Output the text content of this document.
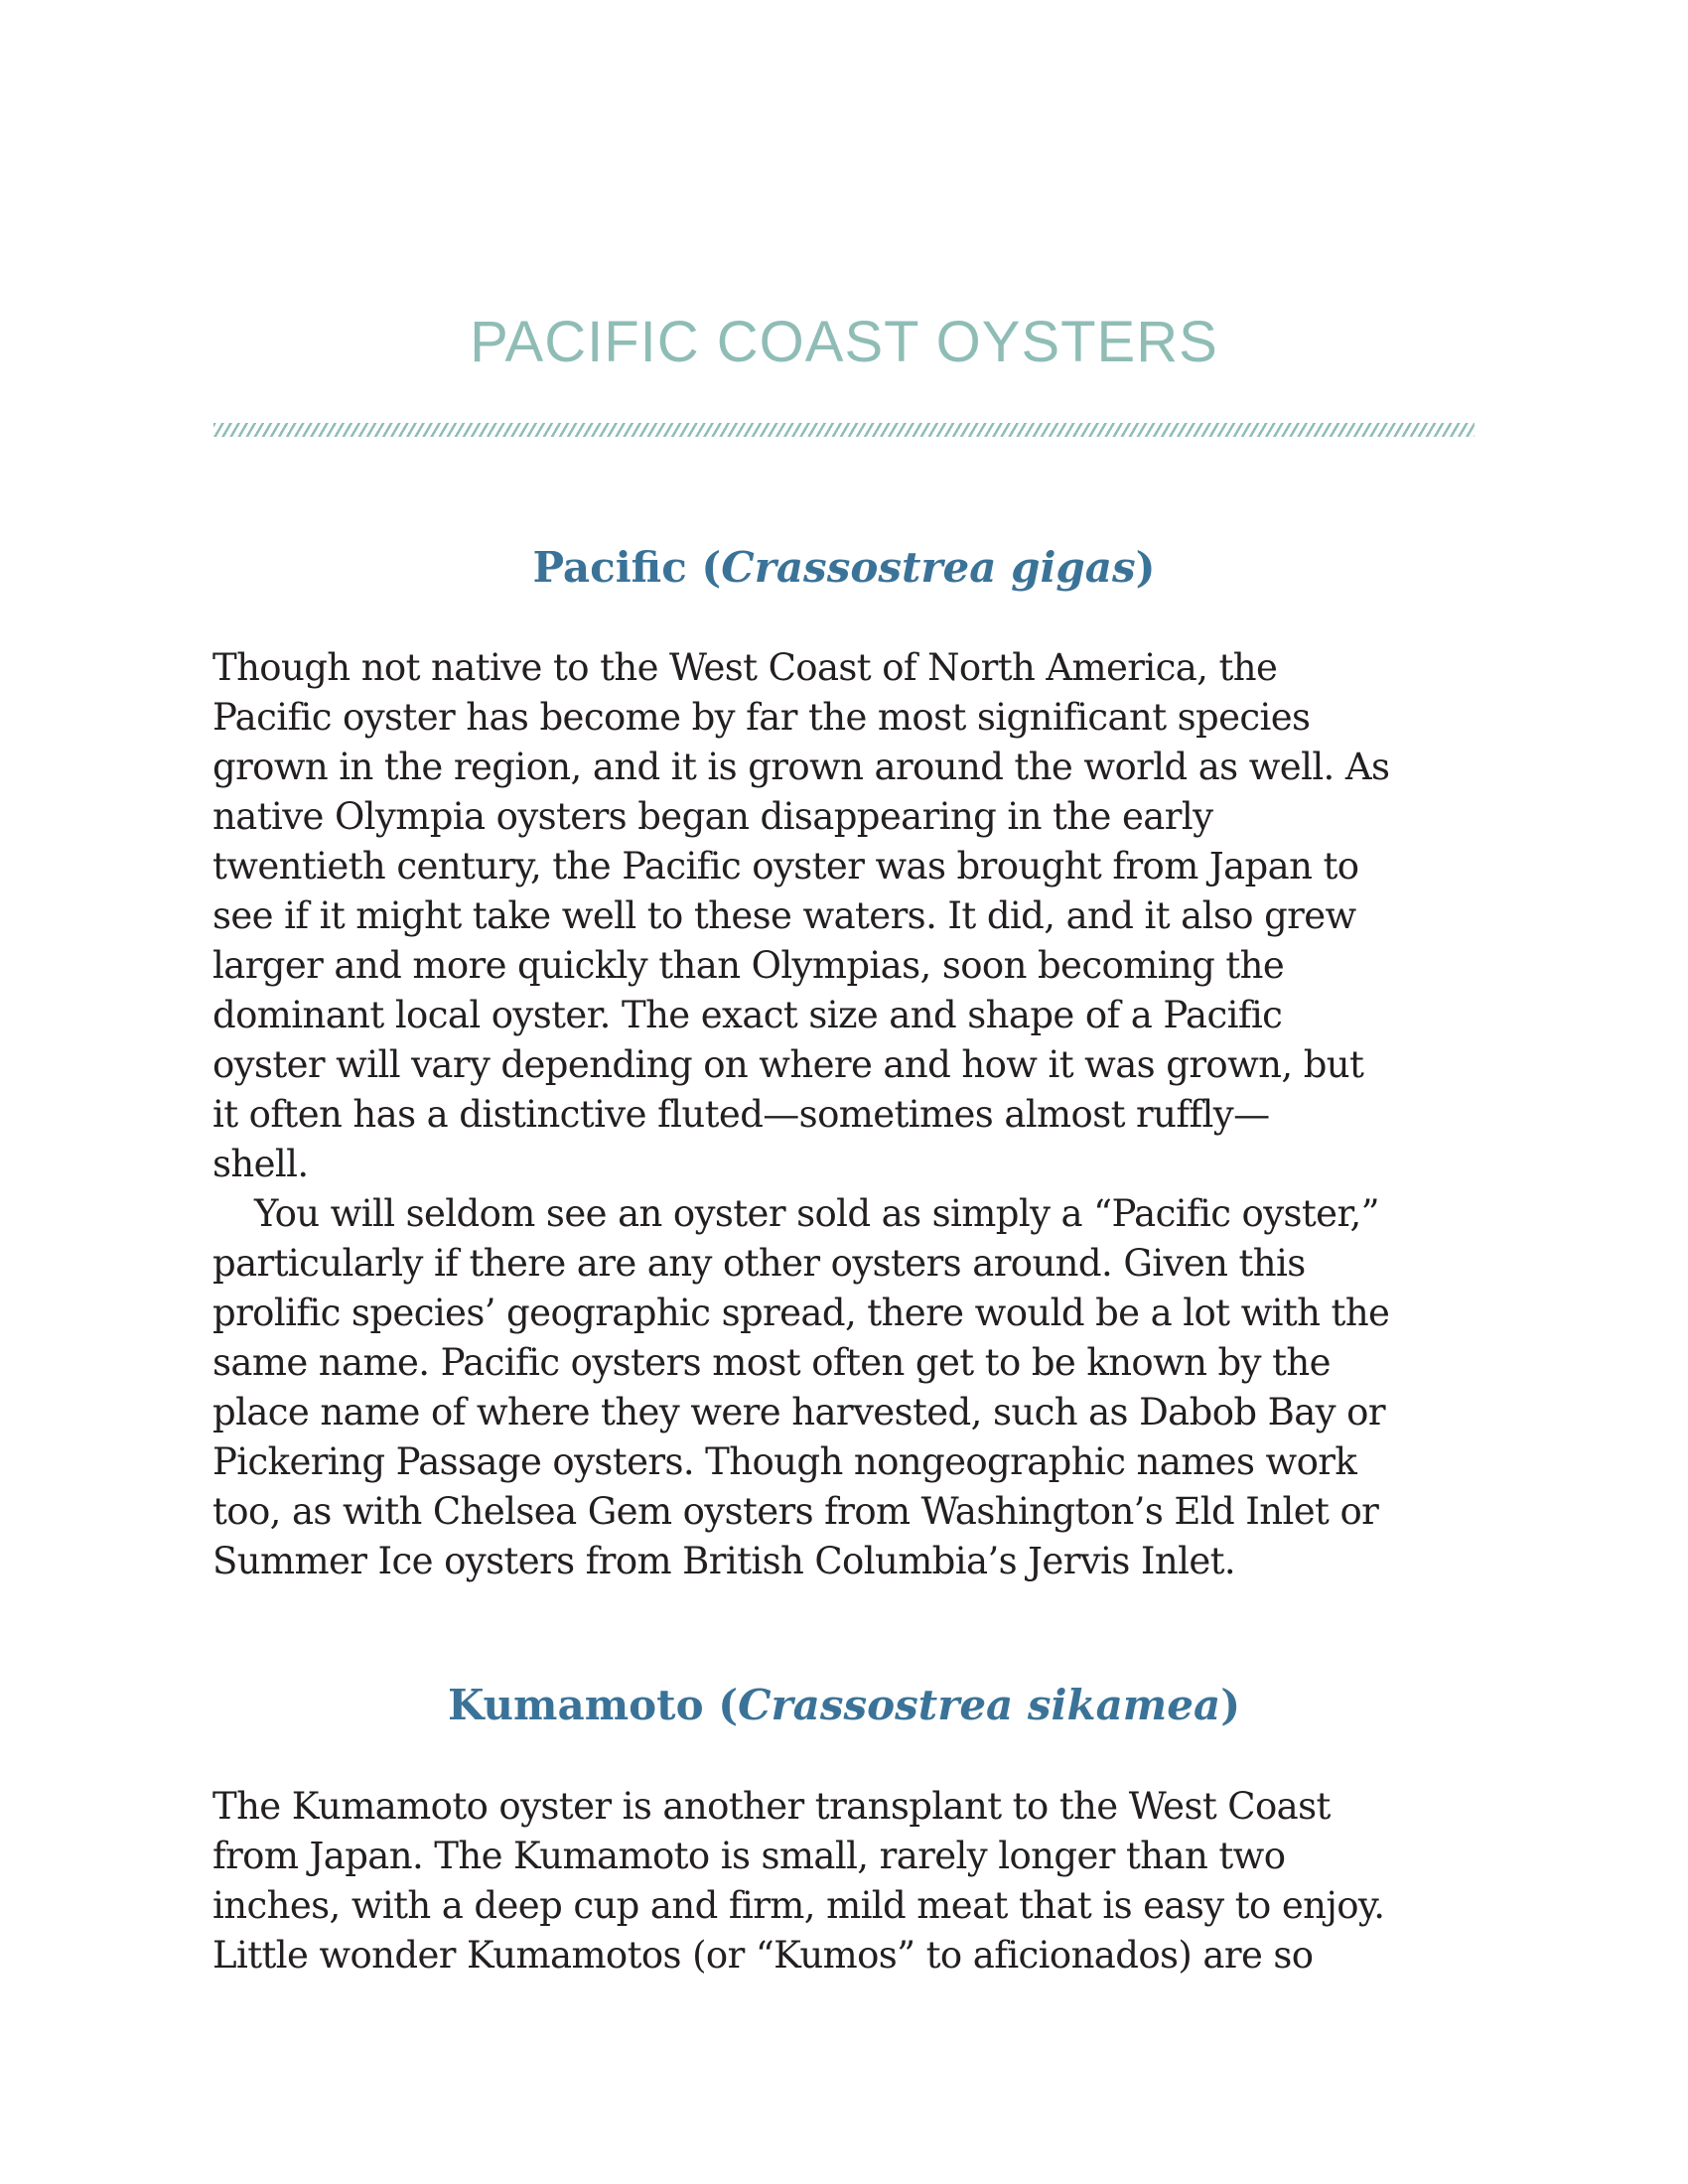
PACIFIC COAST OYSTERS
Pacific (Crassostrea gigas)
Though not native to the West Coast of North America, the
Pacific oyster has become by far the most significant species
grown in the region, and it is grown around the world as well. As
native Olympia oysters began disappearing in the early
twentieth century, the Pacific oyster was brought from Japan to
see if it might take well to these waters. It did, and it also grew
larger and more quickly than Olympias, soon becoming the
dominant local oyster. The exact size and shape of a Pacific
oyster will vary depending on where and how it was grown, but
it often has a distinctive fluted—sometimes almost ruffly—
shell.
You will seldom see an oyster sold as simply a “Pacific oyster,”
particularly if there are any other oysters around. Given this
prolific species’ geographic spread, there would be a lot with the
same name. Pacific oysters most often get to be known by the
place name of where they were harvested, such as Dabob Bay or
Pickering Passage oysters. Though nongeographic names work
too, as with Chelsea Gem oysters from Washington’s Eld Inlet or
Summer Ice oysters from British Columbia’s Jervis Inlet.
Kumamoto (Crassostrea sikamea)
The Kumamoto oyster is another transplant to the West Coast
from Japan. The Kumamoto is small, rarely longer than two
inches, with a deep cup and firm, mild meat that is easy to enjoy.
Little wonder Kumamotos (or “Kumos” to aficionados) are so
